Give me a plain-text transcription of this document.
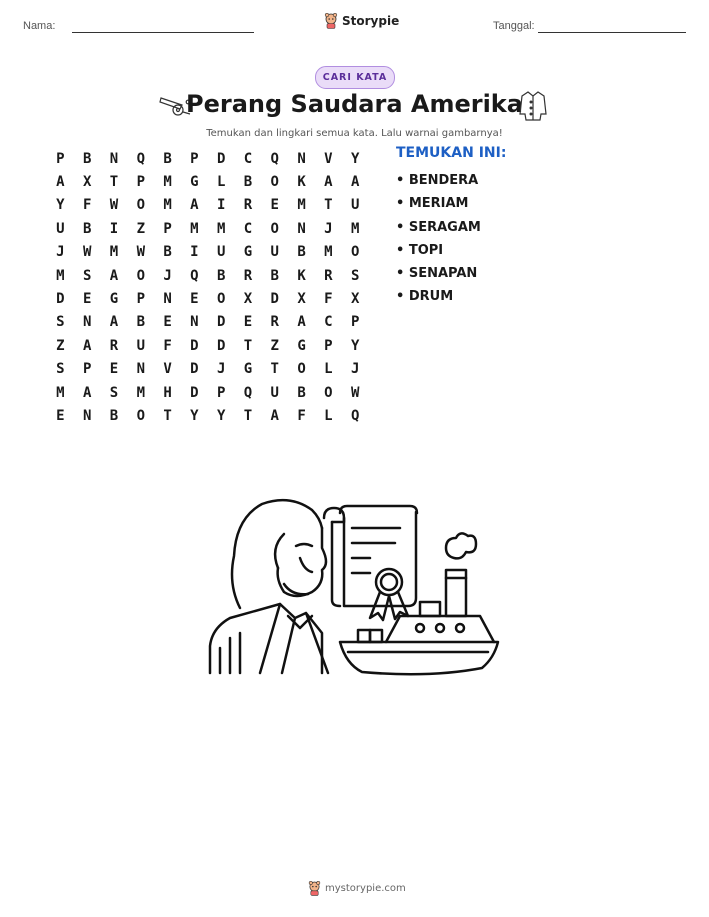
Nama:	Storypie	Tanggal:
CARI KATA
Perang Saudara Amerika
Temukan dan lingkari semua kata. Lalu warnai gambarnya!
P	B	N	Q	B	P	D	C	Q	N	V	Y
A	X	T	P	M	G	L	B	O	K	A	A
Y	F	W	O	M	A	I	R	E	M	T	U
U	B	I	Z	P	M	M	C	O	N	J	M
J	W	M	W	B	I	U	G	U	B	M	O
M	S	A	O	J	Q	B	R	B	K	R	S
D	E	G	P	N	E	O	X	D	X	F	X
S	N	A	B	E	N	D	E	R	A	C	P
Z	A	R	U	F	D	D	T	Z	G	P	Y
S	P	E	N	V	D	J	G	T	O	L	J
M	A	S	M	H	D	P	Q	U	B	O	W
E	N	B	O	T	Y	Y	T	A	F	L	Q
TEMUKAN INI:
• BENDERA
• MERIAM
• SERAGAM
• TOPI
• SENAPAN
• DRUM
mystorypie.com
